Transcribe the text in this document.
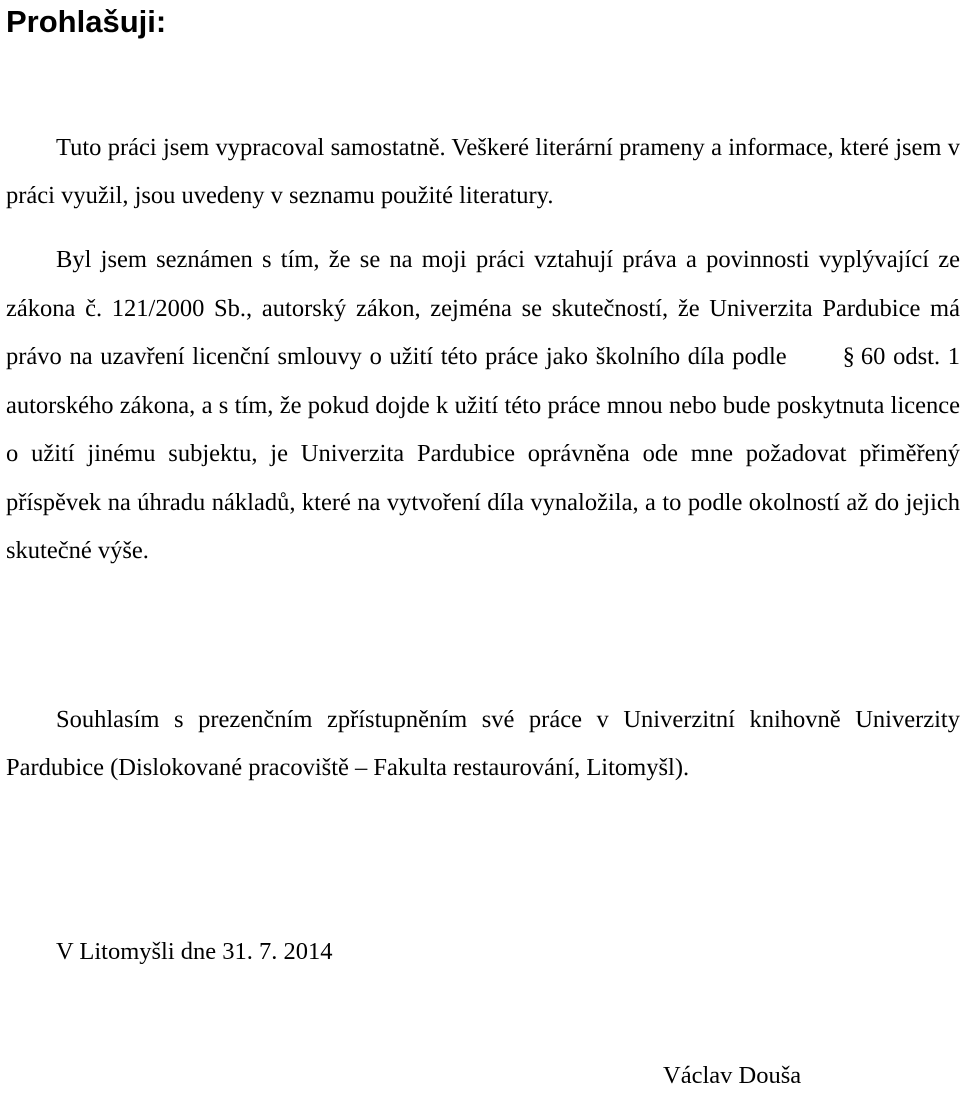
Prohlašuji:

Tuto práci jsem vypracoval samostatně. Veškeré literární prameny a informace, které jsem v práci využil, jsou uvedeny v seznamu použité literatury.

Byl jsem seznámen s tím, že se na moji práci vztahují práva a povinnosti vyplývající ze zákona č. 121/2000 Sb., autorský zákon, zejména se skutečností, že Univerzita Pardubice má právo na uzavření licenční smlouvy o užití této práce jako školního díla podle § 60 odst. 1 autorského zákona, a s tím, že pokud dojde k užití této práce mnou nebo bude poskytnuta licence o užití jinému subjektu, je Univerzita Pardubice oprávněna ode mne požadovat přiměřený příspěvek na úhradu nákladů, které na vytvoření díla vynaložila, a to podle okolností až do jejich skutečné výše.

Souhlasím s prezenčním zpřístupněním své práce v Univerzitní knihovně Univerzity Pardubice (Dislokované pracoviště – Fakulta restaurování, Litomyšl).

V Litomyšli dne 31. 7. 2014

Václav Douša
